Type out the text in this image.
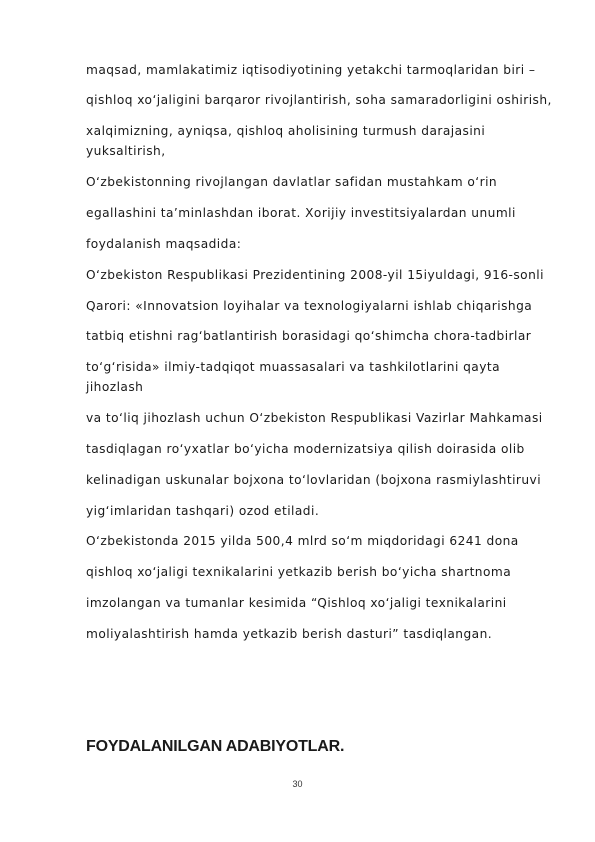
maqsad, mamlakatimiz iqtisodiyotining yetakchi tarmoqlaridan biri –
qishloq xo‘jaligini barqaror rivojlantirish, soha samaradorligini oshirish,
xalqimizning, ayniqsa, qishloq aholisining turmush darajasini
yuksaltirish,
O‘zbekistonning rivojlangan davlatlar safidan mustahkam o‘rin
egallashini ta’minlashdan iborat. Xorijiy investitsiyalardan unumli
foydalanish maqsadida:
O‘zbekiston Respublikasi Prezidentining 2008-yil 15iyuldagi, 916-sonli
Qarori: «Innovatsion loyihalar va texnologiyalarni ishlab chiqarishga
tatbiq etishni rag‘batlantirish borasidagi qo‘shimcha chora-tadbirlar
to‘g‘risida» ilmiy-tadqiqot muassasalari va tashkilotlarini qayta
jihozlash
va to‘liq jihozlash uchun O‘zbekiston Respublikasi Vazirlar Mahkamasi
tasdiqlagan ro‘yxatlar bo‘yicha modernizatsiya qilish doirasida olib
kelinadigan uskunalar bojxona to‘lovlaridan (bojxona rasmiylashtiruvi
yig‘imlaridan tashqari) ozod etiladi.
O‘zbekistonda 2015 yilda 500,4 mlrd so‘m miqdoridagi 6241 dona
qishloq xo‘jaligi texnikalarini yetkazib berish bo‘yicha shartnoma
imzolangan va tumanlar kesimida “Qishloq xo‘jaligi texnikalarini
moliyalashtirish hamda yetkazib berish dasturi” tasdiqlangan.
FOYDALANILGAN ADABIYOTLAR.
30
